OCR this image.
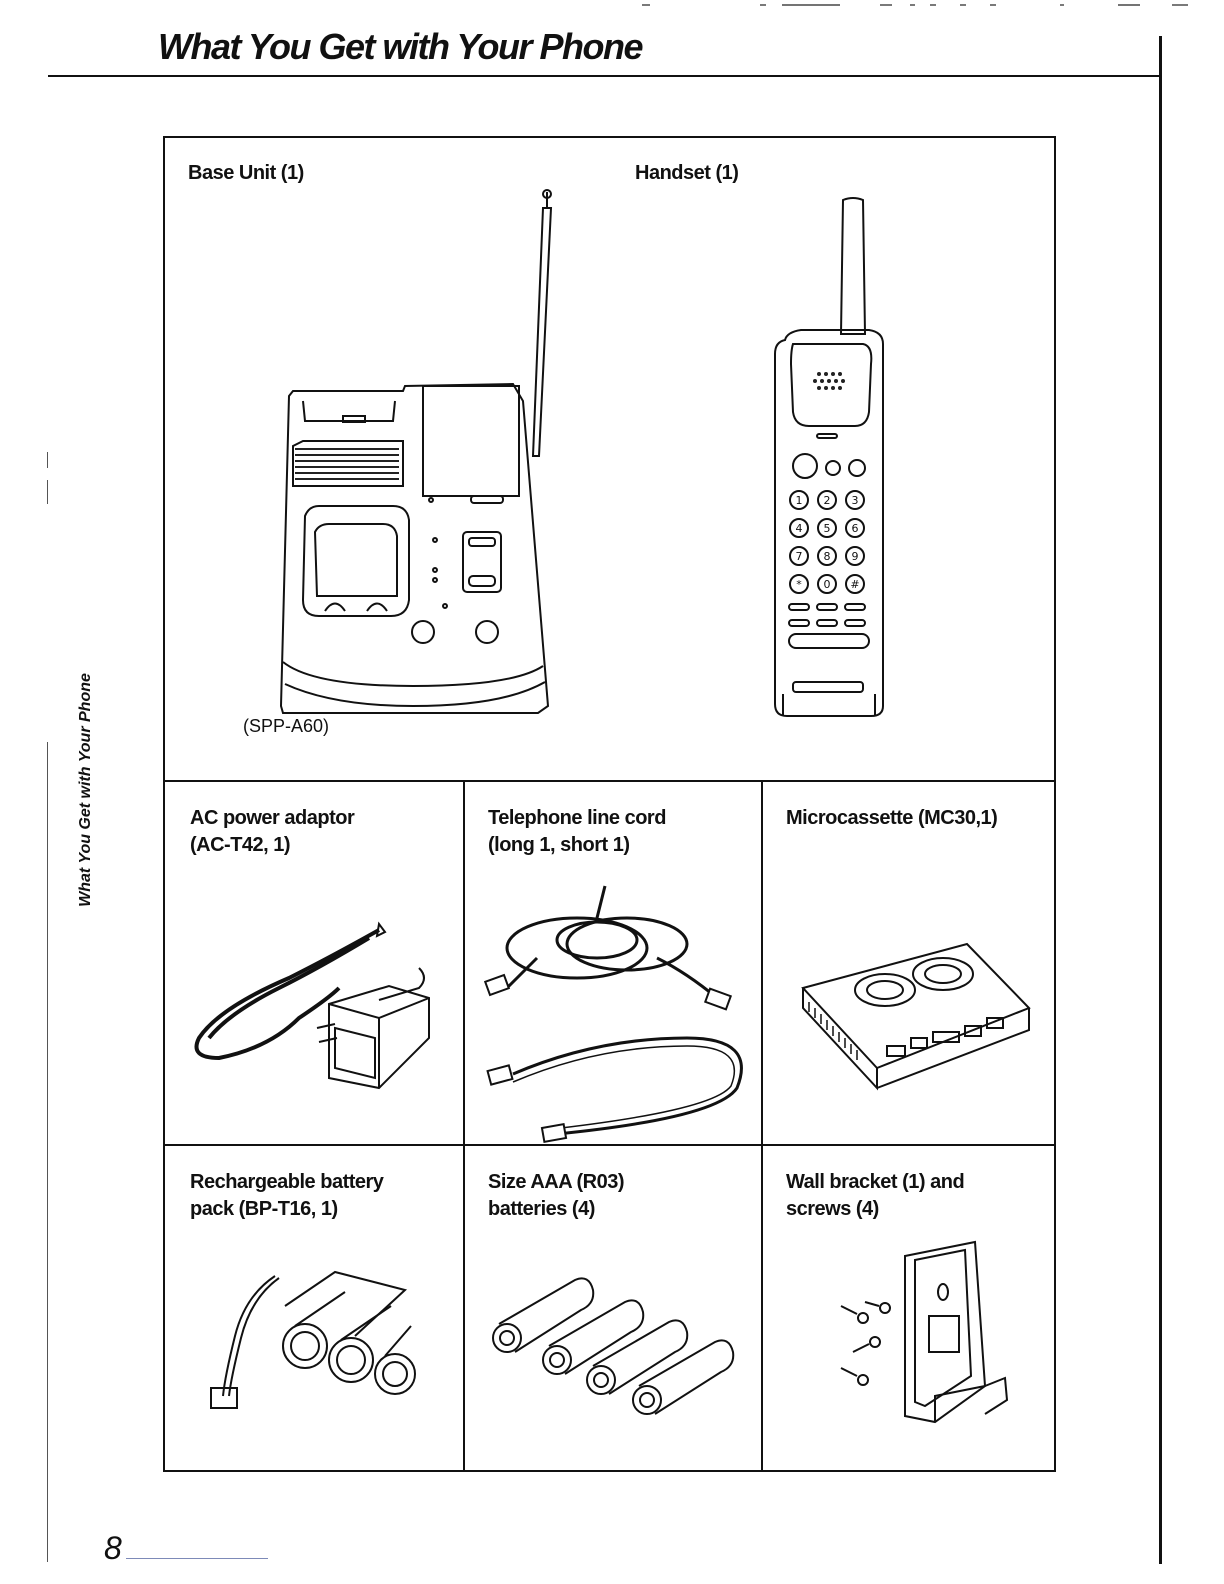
What You Get with Your Phone
What You Get with Your Phone
8
Base Unit (1)	Handset (1)
(SPP-A60)
1 2 3
4 5 6
7 8 9
* 0 #
AC power adaptor
(AC-T42, 1)
Telephone line cord
(long 1, short 1)
Microcassette (MC30,1)
Rechargeable battery
pack (BP-T16, 1)
Size AAA (R03)
batteries (4)
Wall bracket (1) and
screws (4)
